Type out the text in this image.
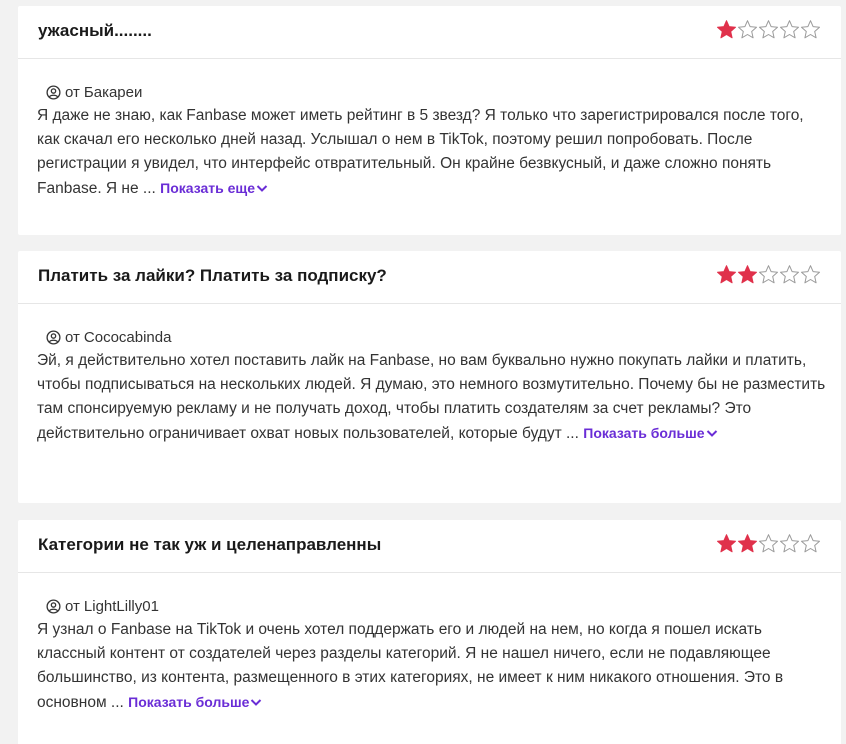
ужасный........
от Бакареи
Я даже не знаю, как Fanbase может иметь рейтинг в 5 звезд? Я только что зарегистрировался после того, как скачал его несколько дней назад. Услышал о нем в TikTok, поэтому решил попробовать. После регистрации я увидел, что интерфейс отвратительный. Он крайне безвкусный, и даже сложно понять Fanbase. Я не ... Показать еще
Платить за лайки? Платить за подписку?
от Cococabinda
Эй, я действительно хотел поставить лайк на Fanbase, но вам буквально нужно покупать лайки и платить, чтобы подписываться на нескольких людей. Я думаю, это немного возмутительно. Почему бы не разместить там спонсируемую рекламу и не получать доход, чтобы платить создателям за счет рекламы? Это действительно ограничивает охват новых пользователей, которые будут ... Показать больше
Категории не так уж и целенаправленны
от LightLilly01
Я узнал о Fanbase на TikTok и очень хотел поддержать его и людей на нем, но когда я пошел искать классный контент от создателей через разделы категорий. Я не нашел ничего, если не подавляющее большинство, из контента, размещенного в этих категориях, не имеет к ним никакого отношения. Это в основном ... Показать больше
